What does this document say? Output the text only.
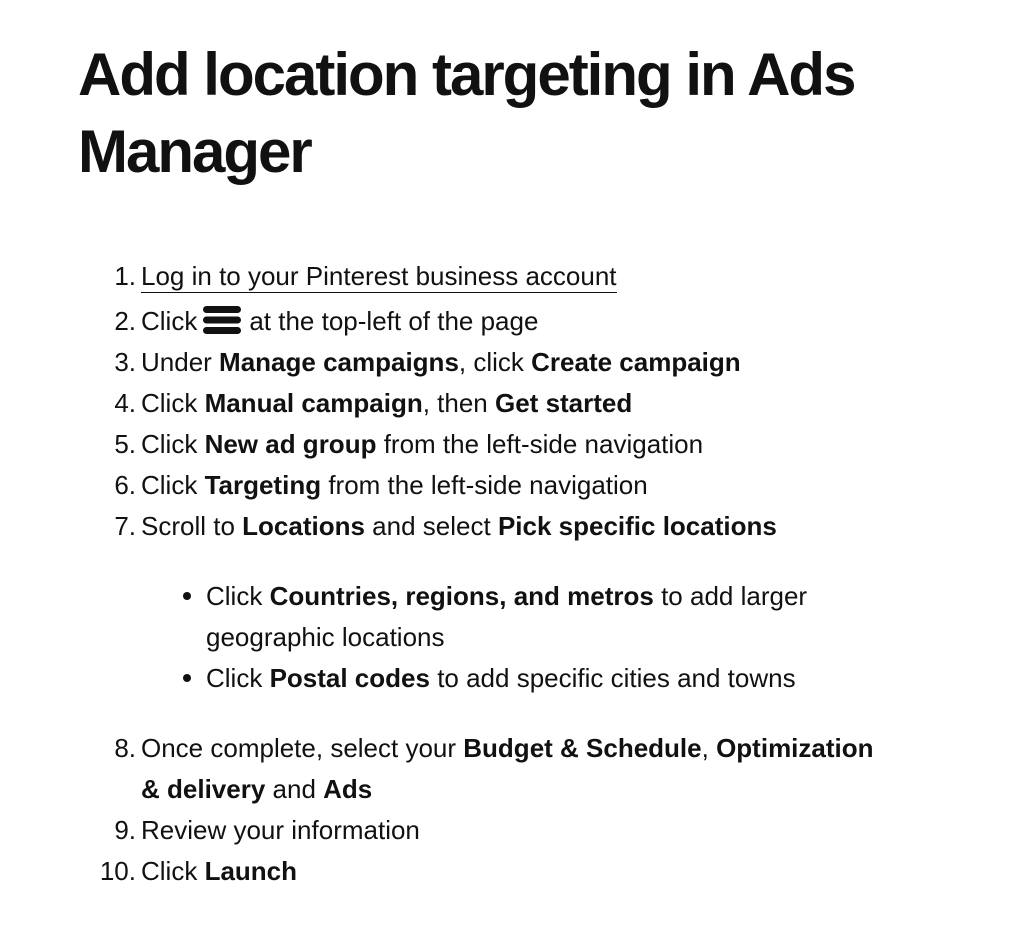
Add location targeting in Ads Manager
1. Log in to your Pinterest business account
2. Click at the top-left of the page
3. Under Manage campaigns, click Create campaign
4. Click Manual campaign, then Get started
5. Click New ad group from the left-side navigation
6. Click Targeting from the left-side navigation
7. Scroll to Locations and select Pick specific locations
Click Countries, regions, and metros to add larger
geographic locations
Click Postal codes to add specific cities and towns
8. Once complete, select your Budget & Schedule, Optimization
& delivery and Ads
9. Review your information
10. Click Launch
